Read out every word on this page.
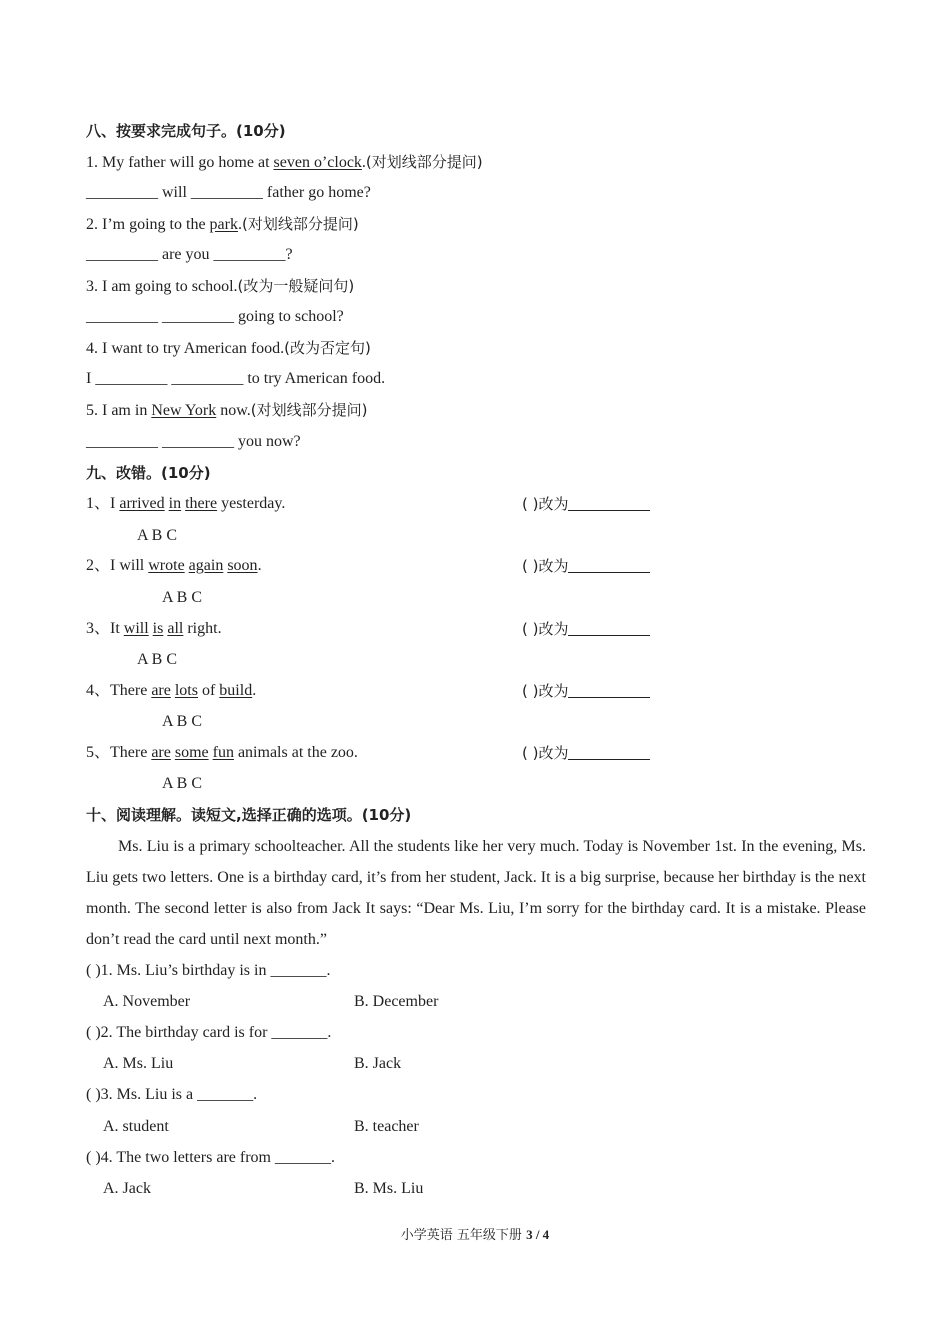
八、按要求完成句子。(10分)
1. My father will go home at seven o’clock.(对划线部分提问)
_________ will _________ father go home?
2. I’m going to the park.(对划线部分提问)
_________ are you _________?
3. I am going to school.(改为一般疑问句)
_________ _________ going to school?
4. I want to try American food.(改为否定句)
I _________ _________ to try American food.
5. I am in New York now.(对划线部分提问)
_________ _________ you now?
九、改错。(10分)
1、I arrived in there yesterday.	( )改为
A B C
2、I will wrote again soon.	( )改为
A B C
3、It will is all right.	( )改为
A B C
4、There are lots of build.	( )改为
A B C
5、There are some fun animals at the zoo.	( )改为
A B C
十、阅读理解。读短文,选择正确的选项。(10分)
Ms. Liu is a primary schoolteacher. All the students like her very much. Today is November 1st. In the evening, Ms. Liu gets two letters. One is a birthday card, it’s from her student, Jack. It is a big surprise, because her birthday is the next month. The second letter is also from Jack It says: “Dear Ms. Liu, I’m sorry for the birthday card. It is a mistake. Please don’t read the card until next month.”
( )1. Ms. Liu’s birthday is in _______.
A. November	B. December
( )2. The birthday card is for _______.
A. Ms. Liu	B. Jack
( )3. Ms. Liu is a _______.
A. student	B. teacher
( )4. The two letters are from _______.
A. Jack	B. Ms. Liu
小学英语 五年级下册 3 / 4
